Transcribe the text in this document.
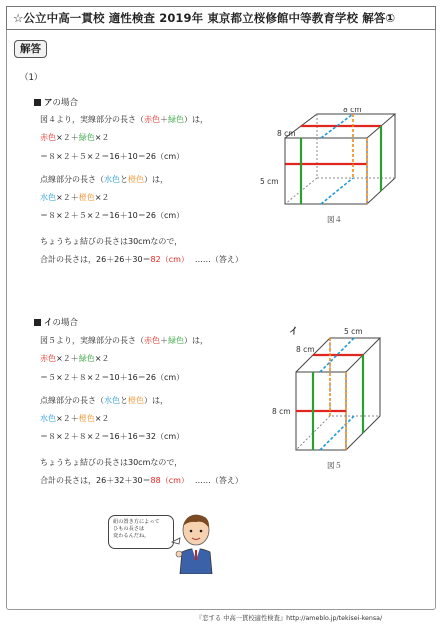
☆公立中高一貫校 適性検査 2019年 東京都立桜修館中等教育学校 解答①
解答
（1）
アの場合
図４より，実線部分の長さ（赤色＋緑色）は，
赤色×２＋緑色×２
＝８×２＋５×２＝16＋10＝26（cm）
点線部分の長さ（水色と橙色）は，
水色×２＋橙色×２
＝８×２＋５×２＝16＋10＝26（cm）
ちょうちょ結びの長さは30cmなので，
合計の長さは，26＋26＋30＝82（cm） ……（答え）
8 cm
8 cm
5 cm
図４
イの場合
図５より，実線部分の長さ（赤色＋緑色）は，
赤色×２＋緑色×２
＝５×２＋８×２＝10＋16＝26（cm）
点線部分の長さ（水色と橙色）は，
水色×２＋橙色×２
＝８×２＋８×２＝16＋16＝32（cm）
ちょうちょ結びの長さは30cmなので，
合計の長さは，26＋32＋30＝88（cm） ……（答え）
イ	5 cm
8 cm
8 cm
図５
紐の置き方によって
ひもの長さは
変わるんだね。
『恋する 中高一貫校適性検査』http://ameblo.jp/tekisei-kensa/
